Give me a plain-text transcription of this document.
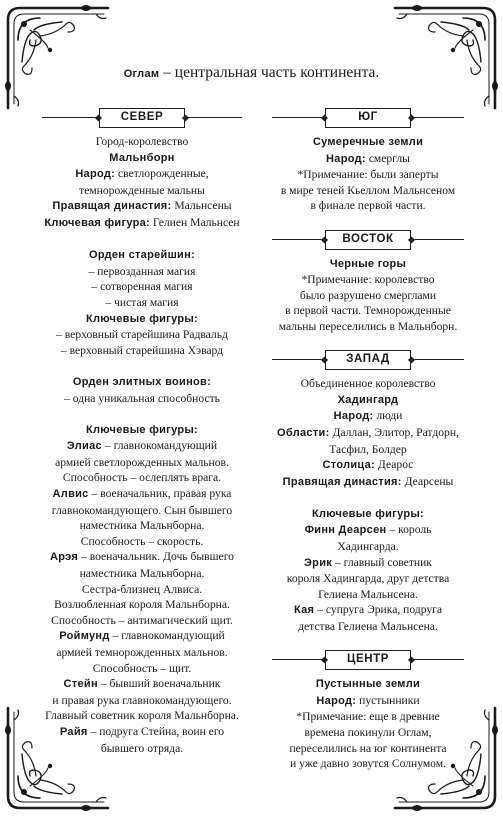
Оглам – центральная часть континента.
СЕВЕР
Город-королевство
Мальнборн
Народ: светлорожденные,
темнорожденные мальны
Правящая династия: Мальнсены
Ключевая фигура: Гелиен Мальнсен
Орден старейшин:
– первозданная магия
– сотворенная магия
– чистая магия
Ключевые фигуры:
– верховный старейшина Радвальд
– верховный старейшина Хэвард
Орден элитных воинов:
– одна уникальная способность
Ключевые фигуры:
Элиас – главнокомандующий
армией светлорожденных мальнов.
Способность – ослеплять врага.
Алвис – военачальник, правая рука
главнокомандующего. Сын бывшего
наместника Мальнборна.
Способность – скорость.
Арэя – военачальник. Дочь бывшего
наместника Мальнборна.
Сестра-близнец Алвиса.
Возлюбленная короля Мальнборна.
Способность – антимагический щит.
Роймунд – главнокомандующий
армией темнорожденных мальнов.
Способность – щит.
Стейн – бывший военачальник
и правая рука главнокомандующего.
Главный советник короля Мальнборна.
Райя – подруга Стейна, воин его
бывшего отряда.
ЮГ
Сумеречные земли
Народ: смерглы
*Примечание: были заперты
в мире теней Кьеллом Мальнсеном
в финале первой части.
ВОСТОК
Черные горы
*Примечание: королевство
было разрушено смерглами
в первой части. Темнорожденные
мальны переселились в Мальнборн.
ЗАПАД
Объединенное королевство
Хадингард
Народ: люди
Области: Даллан, Элитор, Ратдорн,
Тасфил, Болдер
Столица: Деарос
Правящая династия: Деарсены
Ключевые фигуры:
Финн Деарсен – король
Хадингарда.
Эрик – главный советник
короля Хадингарда, друг детства
Гелиена Мальнсена.
Кая – супруга Эрика, подруга
детства Гелиена Мальнсена.
ЦЕНТР
Пустынные земли
Народ: пустынники
*Примечание: еще в древние
времена покинули Оглам,
переселились на юг континента
и уже давно зовутся Солнумом.
